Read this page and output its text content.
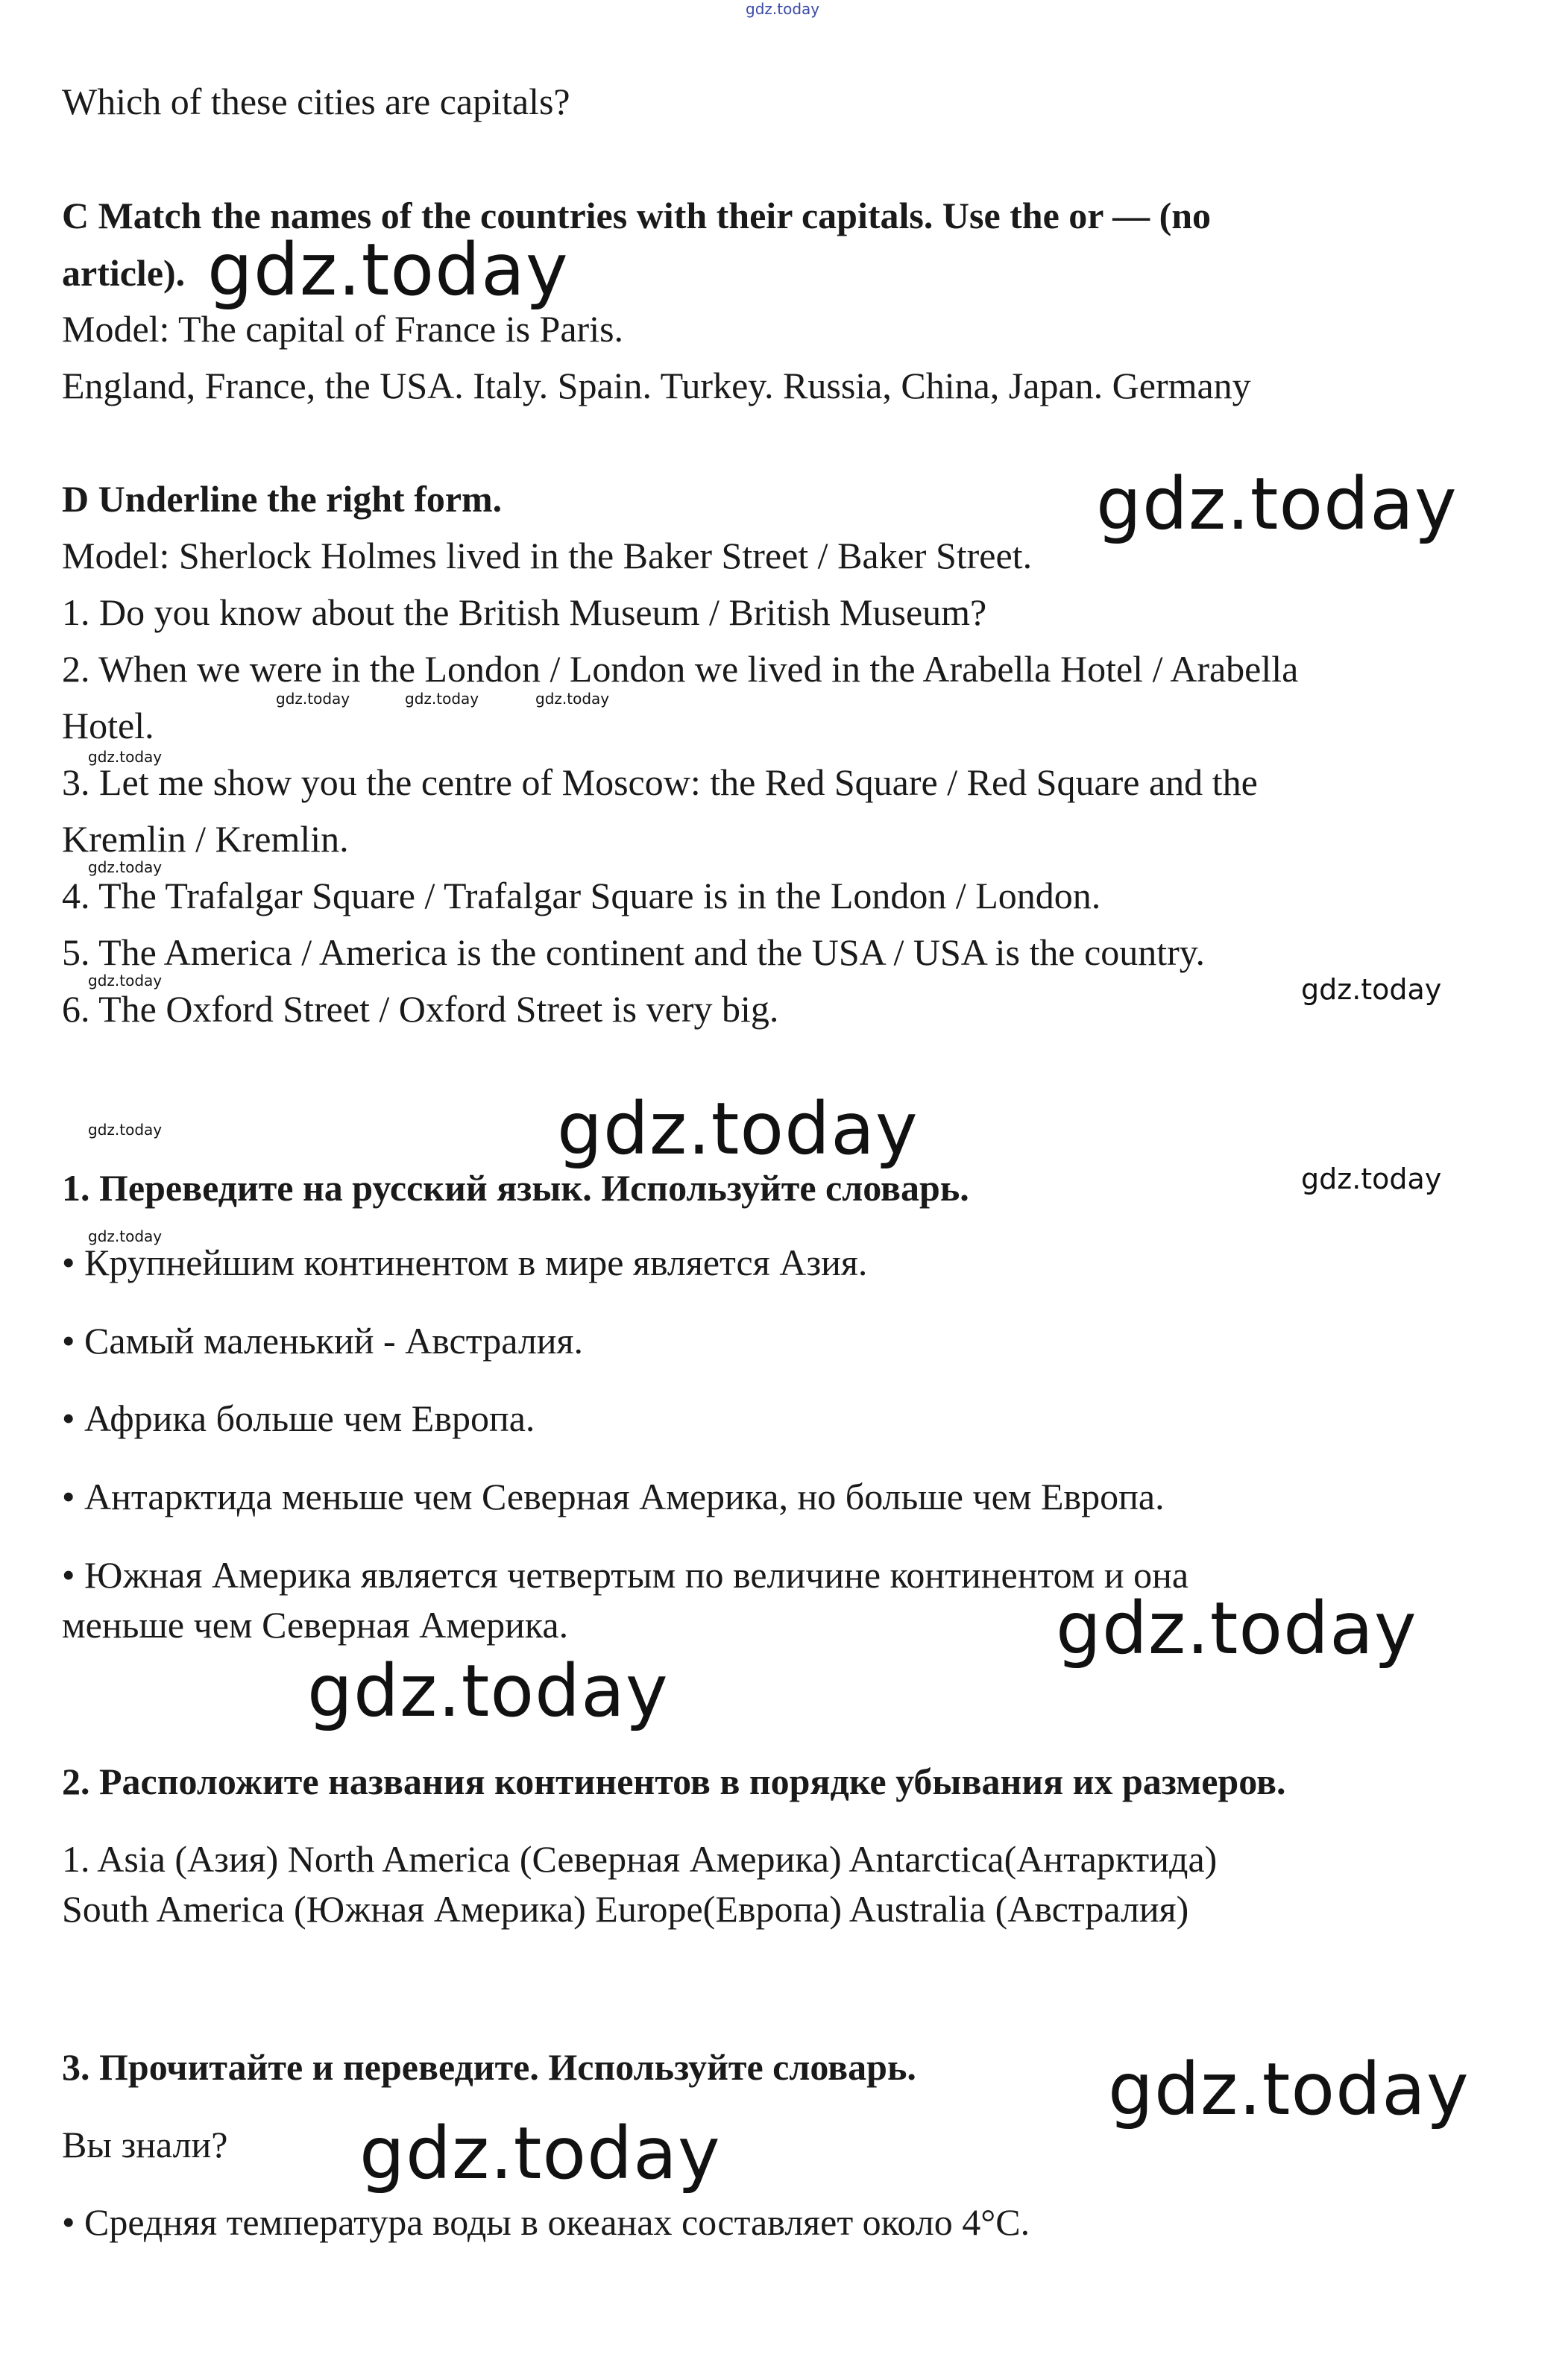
gdz.today

Which of these cities are capitals?

C Match the names of the countries with their capitals. Use the or — (no

article).

Model: The capital of France is Paris.

England, France, the USA. Italy. Spain. Turkey. Russia, China, Japan. Germany

D Underline the right form.

Model: Sherlock Holmes lived in the Baker Street / Baker Street.

1. Do you know about the British Museum / British Museum?

2. When we were in the London / London we lived in the Arabella Hotel / Arabella

Hotel.

3. Let me show you the centre of Moscow: the Red Square / Red Square and the

Kremlin / Kremlin.

4. The Trafalgar Square / Trafalgar Square is in the London / London.

5. The America / America is the continent and the USA / USA is the country.

6. The Oxford Street / Oxford Street is very big.

1. Переведите на русский язык. Используйте словарь.

• Крупнейшим континентом в мире является Азия.

• Самый маленький - Австралия.

• Африка больше чем Европа.

• Антарктида меньше чем Северная Америка, но больше чем Европа.

• Южная Америка является четвертым по величине континентом и она

меньше чем Северная Америка.

2. Расположите названия континентов в порядке убывания их размеров.

1. Asia (Азия) North America (Северная Америка) Antarctica(Антарктида)

South America (Южная Америка) Europe(Европа) Australia (Австралия)

3. Прочитайте и переведите. Используйте словарь.

Вы знали?

• Средняя температура воды в океанах составляет около 4°C.

gdz.today
gdz.today
gdz.today
gdz.today
gdz.today
gdz.today
gdz.today
gdz.today
gdz.today
gdz.today	gdz.today	gdz.today
gdz.today
gdz.today
gdz.today
gdz.today
gdz.today
